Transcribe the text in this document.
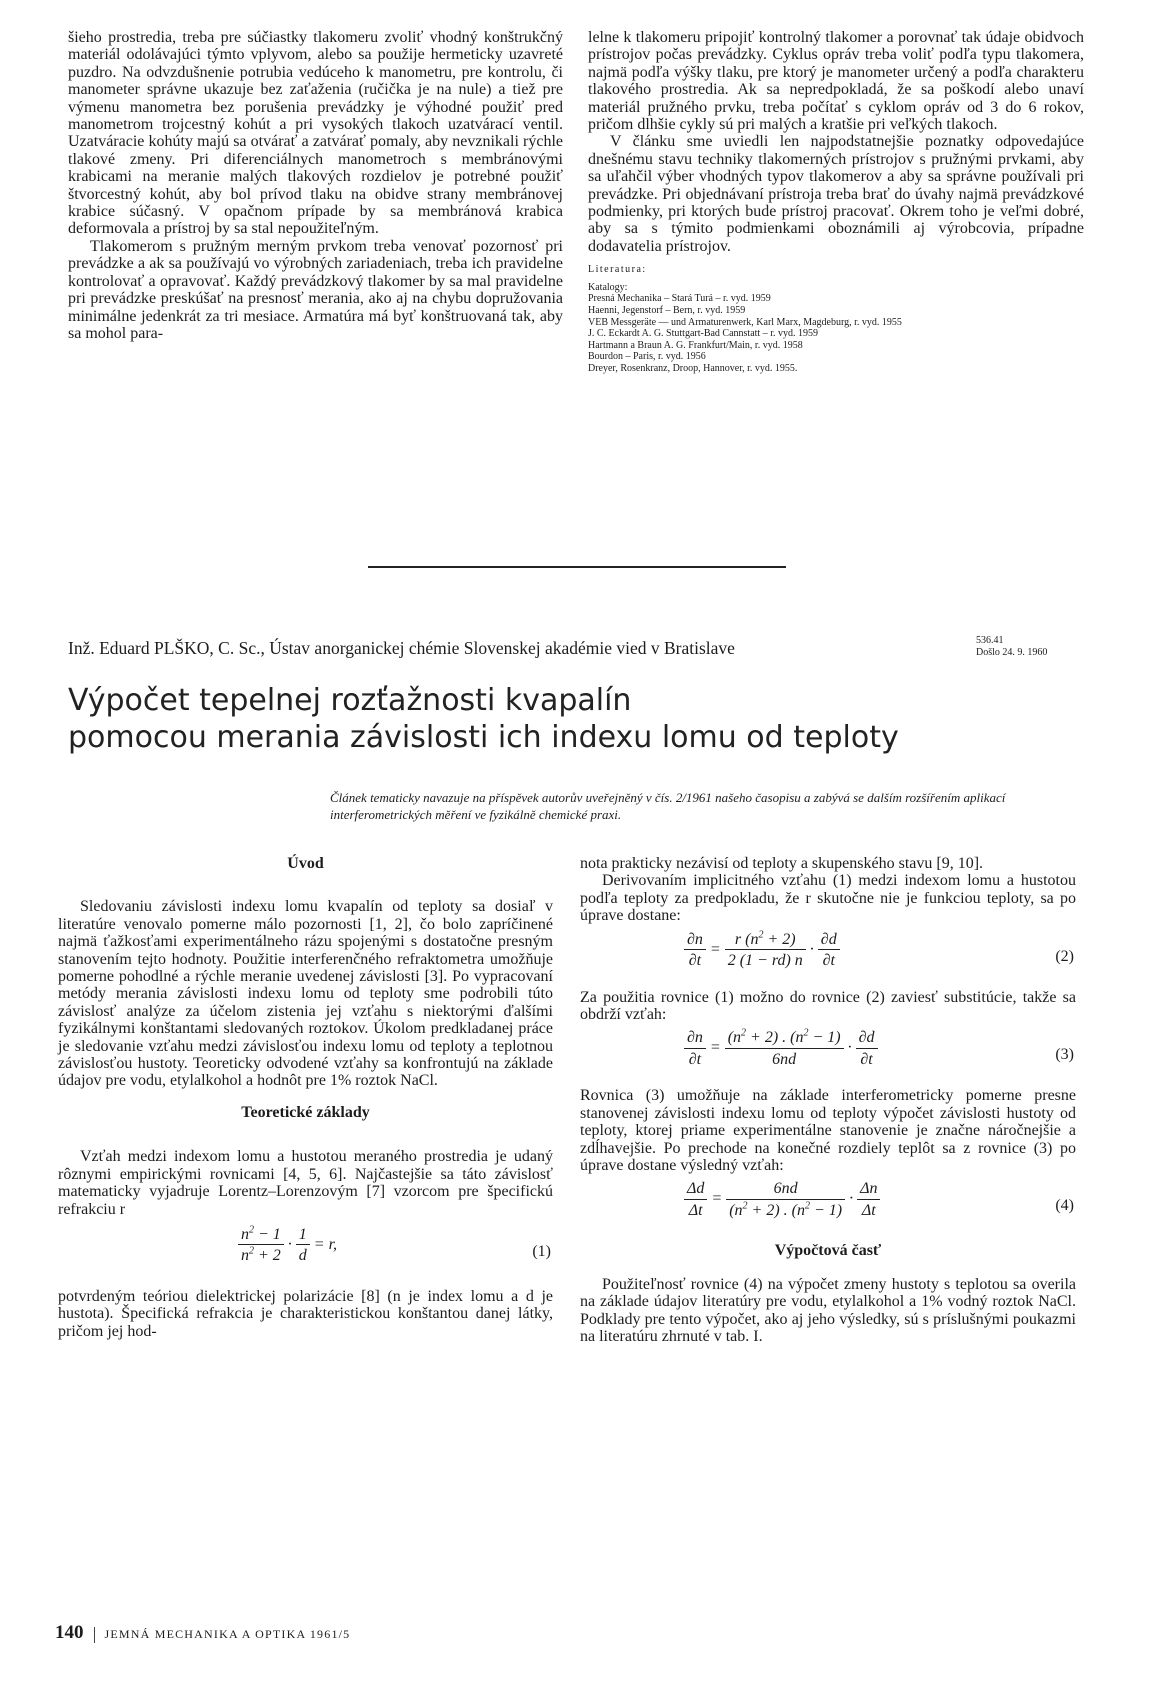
šieho prostredia, treba pre súčiastky tlakomeru zvoliť vhodný konštrukčný materiál odolávajúci týmto vplyvom, alebo sa použije hermeticky uzavreté puzdro. Na odvzdušnenie potrubia vedúceho k manometru, pre kontrolu, či manometer správne ukazuje bez zaťaženia (ručička je na nule) a tiež pre výmenu manometra bez porušenia prevádzky je výhodné použiť pred manometrom trojcestný kohút a pri vysokých tlakoch uzatvárací ventil. Uzatváracie kohúty majú sa otvárať a zatvárať pomaly, aby nevznikali rýchle tlakové zmeny. Pri diferenciálnych manometroch s membránovými krabicami na meranie malých tlakových rozdielov je potrebné použiť štvorcestný kohút, aby bol prívod tlaku na obidve strany membránovej krabice súčasný. V opačnom prípade by sa membránová krabica deformovala a prístroj by sa stal nepoužiteľným.

Tlakomerom s pružným merným prvkom treba venovať pozornosť pri prevádzke a ak sa používajú vo výrobných zariadeniach, treba ich pravidelne kontrolovať a opravovať. Každý prevádzkový tlakomer by sa mal pravidelne pri prevádzke preskúšať na presnosť merania, ako aj na chybu dopružovania minimálne jedenkrát za tri mesiace. Armatúra má byť konštruovaná tak, aby sa mohol para-

lelne k tlakomeru pripojiť kontrolný tlakomer a porovnať tak údaje obidvoch prístrojov počas prevádzky. Cyklus opráv treba voliť podľa typu tlakomera, najmä podľa výšky tlaku, pre ktorý je manometer určený a podľa charakteru tlakového prostredia. Ak sa nepredpokladá, že sa poškodí alebo unaví materiál pružného prvku, treba počítať s cyklom opráv od 3 do 6 rokov, pričom dlhšie cykly sú pri malých a kratšie pri veľkých tlakoch.

V článku sme uviedli len najpodstatnejšie poznatky odpovedajúce dnešnému stavu techniky tlakomerných prístrojov s pružnými prvkami, aby sa uľahčil výber vhodných typov tlakomerov a aby sa správne používali pri prevádzke. Pri objednávaní prístroja treba brať do úvahy najmä prevádzkové podmienky, pri ktorých bude prístroj pracovať. Okrem toho je veľmi dobré, aby sa s týmito podmienkami oboznámili aj výrobcovia, prípadne dodavatelia prístrojov.

Literatura:
Katalogy:
Presná Mechanika – Stará Turá – r. vyd. 1959
Haenni, Jegenstorf – Bern, r. vyd. 1959
VEB Messgeräte — und Armaturenwerk, Karl Marx, Magdeburg, r. vyd. 1955
J. C. Eckardt A. G. Stuttgart-Bad Cannstatt – r. vyd. 1959
Hartmann a Braun A. G. Frankfurt/Main, r. vyd. 1958
Bourdon – Paris, r. vyd. 1956
Dreyer, Rosenkranz, Droop, Hannover, r. vyd. 1955.
Inž. Eduard PLŠKO, C. Sc., Ústav anorganickej chémie Slovenskej akadémie vied v Bratislave	536.41
Došlo 24. 9. 1960
Výpočet tepelnej rozťažnosti kvapalín
pomocou merania závislosti ich indexu lomu od teploty

Článek tematicky navazuje na příspěvek autorův uveřejněný v čís. 2/1961 našeho časopisu a zabývá se dalším rozšířením aplikací interferometrických měření ve fyzikálně chemické praxi.

Úvod

Sledovaniu závislosti indexu lomu kvapalín od teploty sa dosiaľ v literatúre venovalo pomerne málo pozornosti [1, 2], čo bolo zapríčinené najmä ťažkosťami experimentálneho rázu spojenými s dostatočne presným stanovením tejto hodnoty. Použitie interferenčného refraktometra umožňuje pomerne pohodlné a rýchle meranie uvedenej závislosti [3]. Po vypracovaní metódy merania závislosti indexu lomu od teploty sme podrobili túto závislosť analýze za účelom zistenia jej vzťahu s niektorými ďalšími fyzikálnymi konštantami sledovaných roztokov. Úkolom predkladanej práce je sledovanie vzťahu medzi závislosťou indexu lomu od teploty a teplotnou závislosťou hustoty. Teoreticky odvodené vzťahy sa konfrontujú na základe údajov pre vodu, etylalkohol a hodnôt pre 1% roztok NaCl.

Teoretické základy

Vzťah medzi indexom lomu a hustotou meraného prostredia je udaný rôznymi empirickými rovnicami [4, 5, 6]. Najčastejšie sa táto závislosť matematicky vyjadruje Lorentz–Lorenzovým [7] vzorcom pre špecifickú refrakciu r

$\frac{n^2 - 1}{n^2 + 2} \cdot \frac{1}{d} = r$,	(1)

potvrdeným teóriou dielektrickej polarizácie [8] (n je index lomu a d je hustota). Špecifická refrakcia je charakteristickou konštantou danej látky, pričom jej hod-

nota prakticky nezávisí od teploty a skupenského stavu [9, 10].

Derivovaním implicitného vzťahu (1) medzi indexom lomu a hustotou podľa teploty za predpokladu, že r skutočne nie je funkciou teploty, sa po úprave dostane:

$\frac{\partial n}{\partial t} = \frac{r (n^2 + 2)}{2 (1 - rd) n} \cdot \frac{\partial d}{\partial t}$	(2)

Za použitia rovnice (1) možno do rovnice (2) zaviesť substitúcie, takže sa obdrží vzťah:

$\frac{\partial n}{\partial t} = \frac{(n^2 + 2) . (n^2 - 1)}{6nd} \cdot \frac{\partial d}{\partial t}$	(3)

Rovnica (3) umožňuje na základe interferometricky pomerne presne stanovenej závislosti indexu lomu od teploty výpočet závislosti hustoty od teploty, ktorej priame experimentálne stanovenie je značne náročnejšie a zdĺhavejšie. Po prechode na konečné rozdiely teplôt sa z rovnice (3) po úprave dostane výsledný vzťah:

$\frac{\Delta d}{\Delta t} = \frac{6nd}{(n^2 + 2) . (n^2 - 1)} \cdot \frac{\Delta n}{\Delta t}$	(4)
Výpočtová časť

Použiteľnosť rovnice (4) na výpočet zmeny hustoty s teplotou sa overila na základe údajov literatúry pre vodu, etylalkohol a 1% vodný roztok NaCl. Podklady pre tento výpočet, ako aj jeho výsledky, sú s príslušnými poukazmi na literatúru zhrnuté v tab. I.

140 JEMNÁ MECHANIKA A OPTIKA 1961/5
